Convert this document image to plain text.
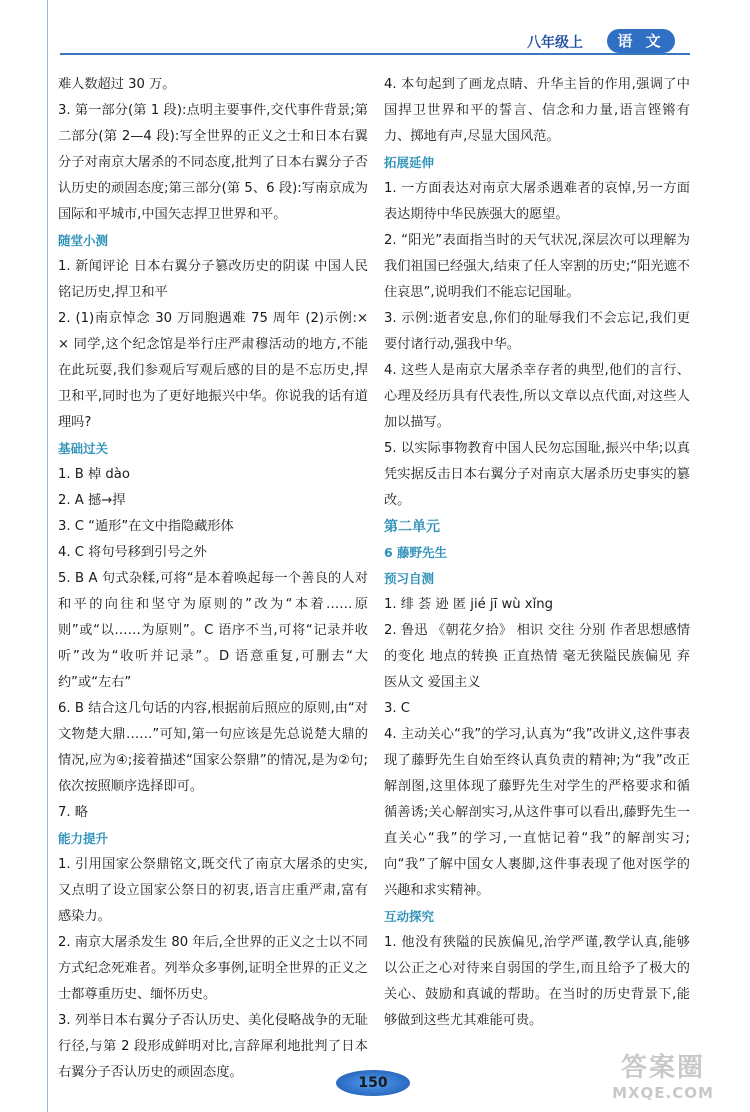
八年级上	语 文

难人数超过 30 万。

3. 第一部分(第 1 段):点明主要事件,交代事件背景;第二部分(第 2—4 段):写全世界的正义之士和日本右翼分子对南京大屠杀的不同态度,批判了日本右翼分子否认历史的顽固态度;第三部分(第 5、6 段):写南京成为国际和平城市,中国矢志捍卫世界和平。

随堂小测

1. 新闻评论 日本右翼分子篡改历史的阴谋 中国人民铭记历史,捍卫和平

2. (1)南京悼念 30 万同胞遇难 75 周年 (2)示例:× × 同学,这个纪念馆是举行庄严肃穆活动的地方,不能在此玩耍,我们参观后写观后感的目的是不忘历史,捍卫和平,同时也为了更好地振兴中华。你说我的话有道理吗?

基础过关

1. B 棹 dào

2. A 撼→捍

3. C “遁形”在文中指隐藏形体

4. C 将句号移到引号之外

5. B A 句式杂糅,可将“是本着唤起每一个善良的人对和平的向往和坚守为原则的”改为“本着……原则”或“以……为原则”。C 语序不当,可将“记录并收听”改为“收听并记录”。D 语意重复,可删去“大约”或“左右”

6. B 结合这几句话的内容,根据前后照应的原则,由“对文物楚大鼎……”可知,第一句应该是先总说楚大鼎的情况,应为④;接着描述“国家公祭鼎”的情况,是为②句;依次按照顺序选择即可。

7. 略

能力提升

1. 引用国家公祭鼎铭文,既交代了南京大屠杀的史实,又点明了设立国家公祭日的初衷,语言庄重严肃,富有感染力。

2. 南京大屠杀发生 80 年后,全世界的正义之士以不同方式纪念死难者。列举众多事例,证明全世界的正义之士都尊重历史、缅怀历史。

3. 列举日本右翼分子否认历史、美化侵略战争的无耻行径,与第 2 段形成鲜明对比,言辞犀利地批判了日本右翼分子否认历史的顽固态度。

4. 本句起到了画龙点睛、升华主旨的作用,强调了中国捍卫世界和平的誓言、信念和力量,语言铿锵有力、掷地有声,尽显大国风范。

拓展延伸

1. 一方面表达对南京大屠杀遇难者的哀悼,另一方面表达期待中华民族强大的愿望。

2. “阳光”表面指当时的天气状况,深层次可以理解为我们祖国已经强大,结束了任人宰割的历史;“阳光遮不住哀思”,说明我们不能忘记国耻。

3. 示例:逝者安息,你们的耻辱我们不会忘记,我们更要付诸行动,强我中华。

4. 这些人是南京大屠杀幸存者的典型,他们的言行、心理及经历具有代表性,所以文章以点代面,对这些人加以描写。

5. 以实际事物教育中国人民勿忘国耻,振兴中华;以真凭实据反击日本右翼分子对南京大屠杀历史事实的篡改。

第二单元

6 藤野先生

预习自测

1. 绯 荟 逊 匿 jié jī wù xǐng

2. 鲁迅 《朝花夕拾》 相识 交往 分别 作者思想感情的变化 地点的转换 正直热情 毫无狭隘民族偏见 弃医从文 爱国主义

3. C

4. 主动关心“我”的学习,认真为“我”改讲义,这件事表现了藤野先生自始至终认真负责的精神;为“我”改正解剖图,这里体现了藤野先生对学生的严格要求和循循善诱;关心解剖实习,从这件事可以看出,藤野先生一直关心“我”的学习,一直惦记着“我”的解剖实习;向“我”了解中国女人裹脚,这件事表现了他对医学的兴趣和求实精神。

互动探究

1. 他没有狭隘的民族偏见,治学严谨,教学认真,能够以公正之心对待来自弱国的学生,而且给予了极大的关心、鼓励和真诚的帮助。在当时的历史背景下,能够做到这些尤其难能可贵。

150	答案圈
MXQE.COM
